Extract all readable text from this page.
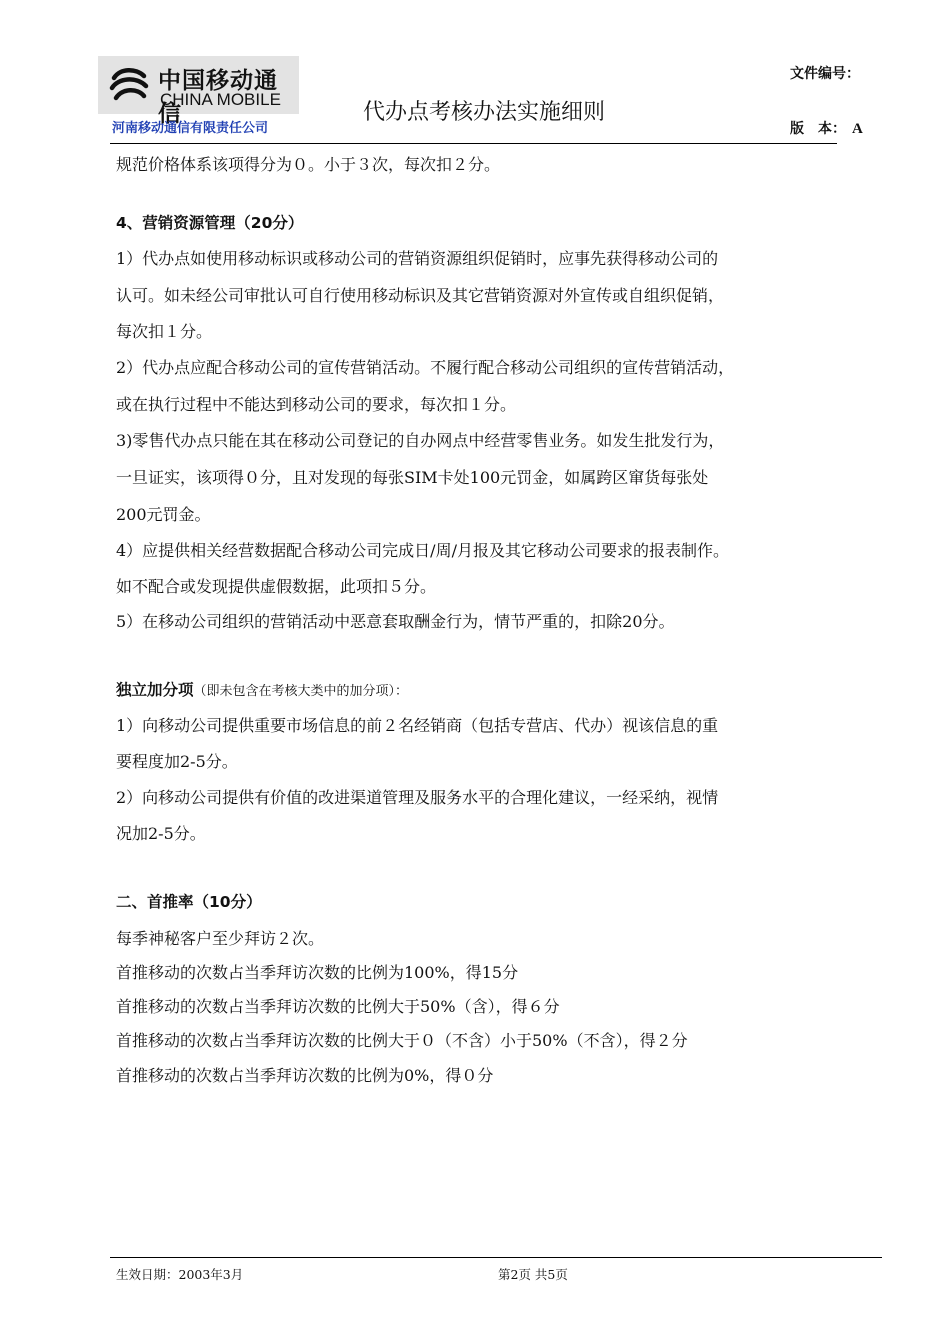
中国移动通信
CHINA MOBILE
河南移动通信有限责任公司
代办点考核办法实施细则
文件编号：
版　本： A
规范价格体系该项得分为０。小于３次，每次扣２分。
4、营销资源管理（20分）
1）代办点如使用移动标识或移动公司的营销资源组织促销时，应事先获得移动公司的
认可。如未经公司审批认可自行使用移动标识及其它营销资源对外宣传或自组织促销，
每次扣１分。
2）代办点应配合移动公司的宣传营销活动。不履行配合移动公司组织的宣传营销活动，
或在执行过程中不能达到移动公司的要求，每次扣１分。
3)零售代办点只能在其在移动公司登记的自办网点中经营零售业务。如发生批发行为，
一旦证实，该项得０分，且对发现的每张SIM卡处100元罚金，如属跨区窜货每张处
200元罚金。
4）应提供相关经营数据配合移动公司完成日/周/月报及其它移动公司要求的报表制作。
如不配合或发现提供虚假数据，此项扣５分。
5）在移动公司组织的营销活动中恶意套取酬金行为，情节严重的，扣除20分。
独立加分项（即未包含在考核大类中的加分项）：
1）向移动公司提供重要市场信息的前２名经销商（包括专营店、代办）视该信息的重
要程度加2-5分。
2）向移动公司提供有价值的改进渠道管理及服务水平的合理化建议，一经采纳，视情
况加2-5分。
二、首推率（10分）
每季神秘客户至少拜访２次。
首推移动的次数占当季拜访次数的比例为100%，得15分
首推移动的次数占当季拜访次数的比例大于50%（含），得６分
首推移动的次数占当季拜访次数的比例大于０（不含）小于50%（不含），得２分
首推移动的次数占当季拜访次数的比例为0%，得０分
生效日期：2003年3月	第2页 共5页
